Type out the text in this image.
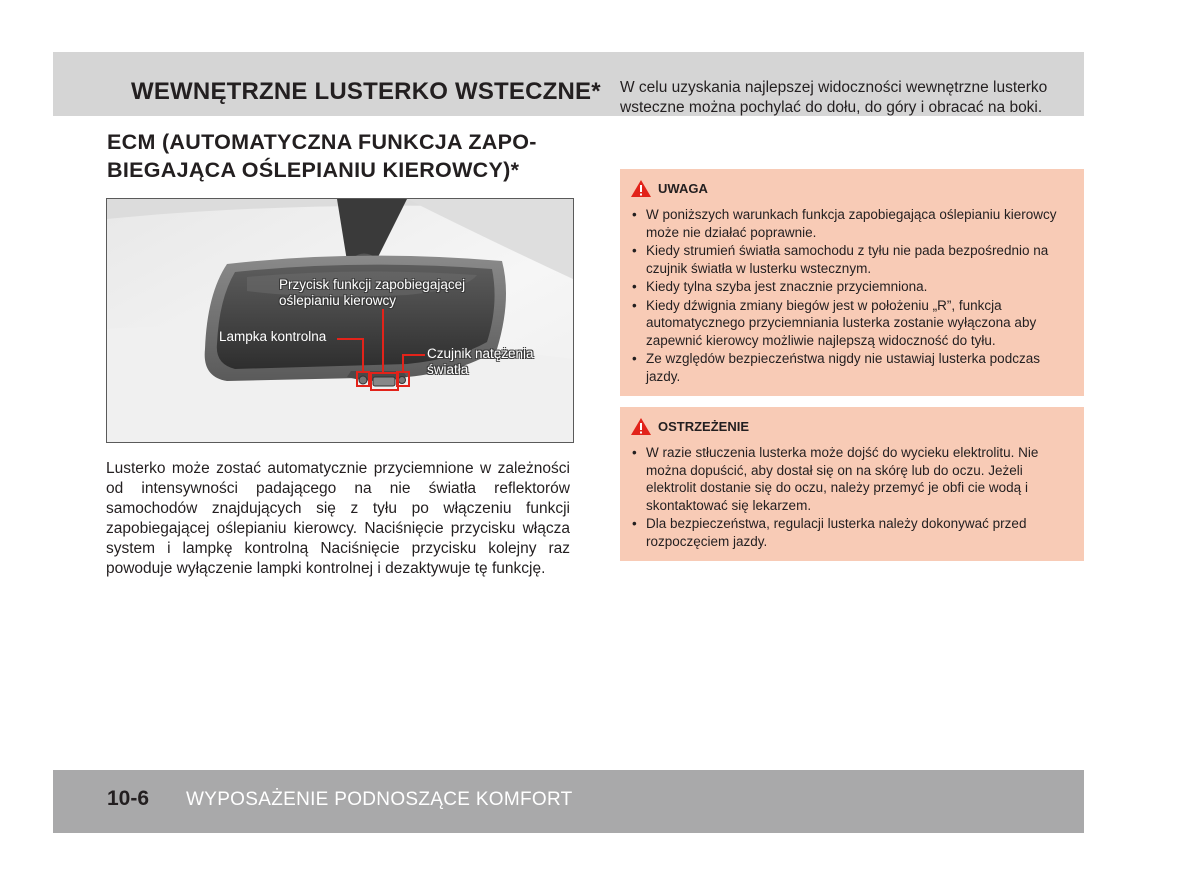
WEWNĘTRZNE LUSTERKO WSTECZNE* W celu uzyskania najlepszej widoczności wewnętrzne lusterko wsteczne można pochylać do dołu, do góry i obracać na boki.

ECM (AUTOMATYCZNA FUNKCJA ZAPO-
BIEGAJĄCA OŚLEPIANIU KIEROWCY)*
Przycisk funkcji zapobiegającej
oślepianiu kierowcy
Lampka kontrolna
Czujnik natężenia
światła

Lusterko może zostać automatycznie przyciemnione w zależności od intensywności padającego na nie światła reflektorów samochodów znajdujących się z tyłu po włączeniu funkcji zapobiegającej oślepianiu kierowcy. Naciśnięcie przycisku włącza system i lampkę kontrolną Naciśnięcie przycisku kolejny raz powoduje wyłączenie lampki kontrolnej i dezaktywuje tę funkcję.

UWAGA
• W poniższych warunkach funkcja zapobiegająca oślepianiu kierowcy może nie działać poprawnie.
• Kiedy strumień światła samochodu z tyłu nie pada bezpośrednio na czujnik światła w lusterku wstecznym.
• Kiedy tylna szyba jest znacznie przyciemniona.
• Kiedy dźwignia zmiany biegów jest w położeniu „R”, funkcja automatycznego przyciemniania lusterka zostanie wyłączona aby zapewnić kierowcy możliwie najlepszą widoczność do tyłu.
• Ze względów bezpieczeństwa nigdy nie ustawiaj lusterka podczas jazdy.
OSTRZEŻENIE
• W razie stłuczenia lusterka może dojść do wycieku elektrolitu. Nie można dopuścić, aby dostał się on na skórę lub do oczu. Jeżeli elektrolit dostanie się do oczu, należy przemyć je obfi cie wodą i skontaktować się lekarzem.
• Dla bezpieczeństwa, regulacji lusterka należy dokonywać przed rozpoczęciem jazdy.
10-6 WYPOSAŻENIE PODNOSZĄCE KOMFORT
